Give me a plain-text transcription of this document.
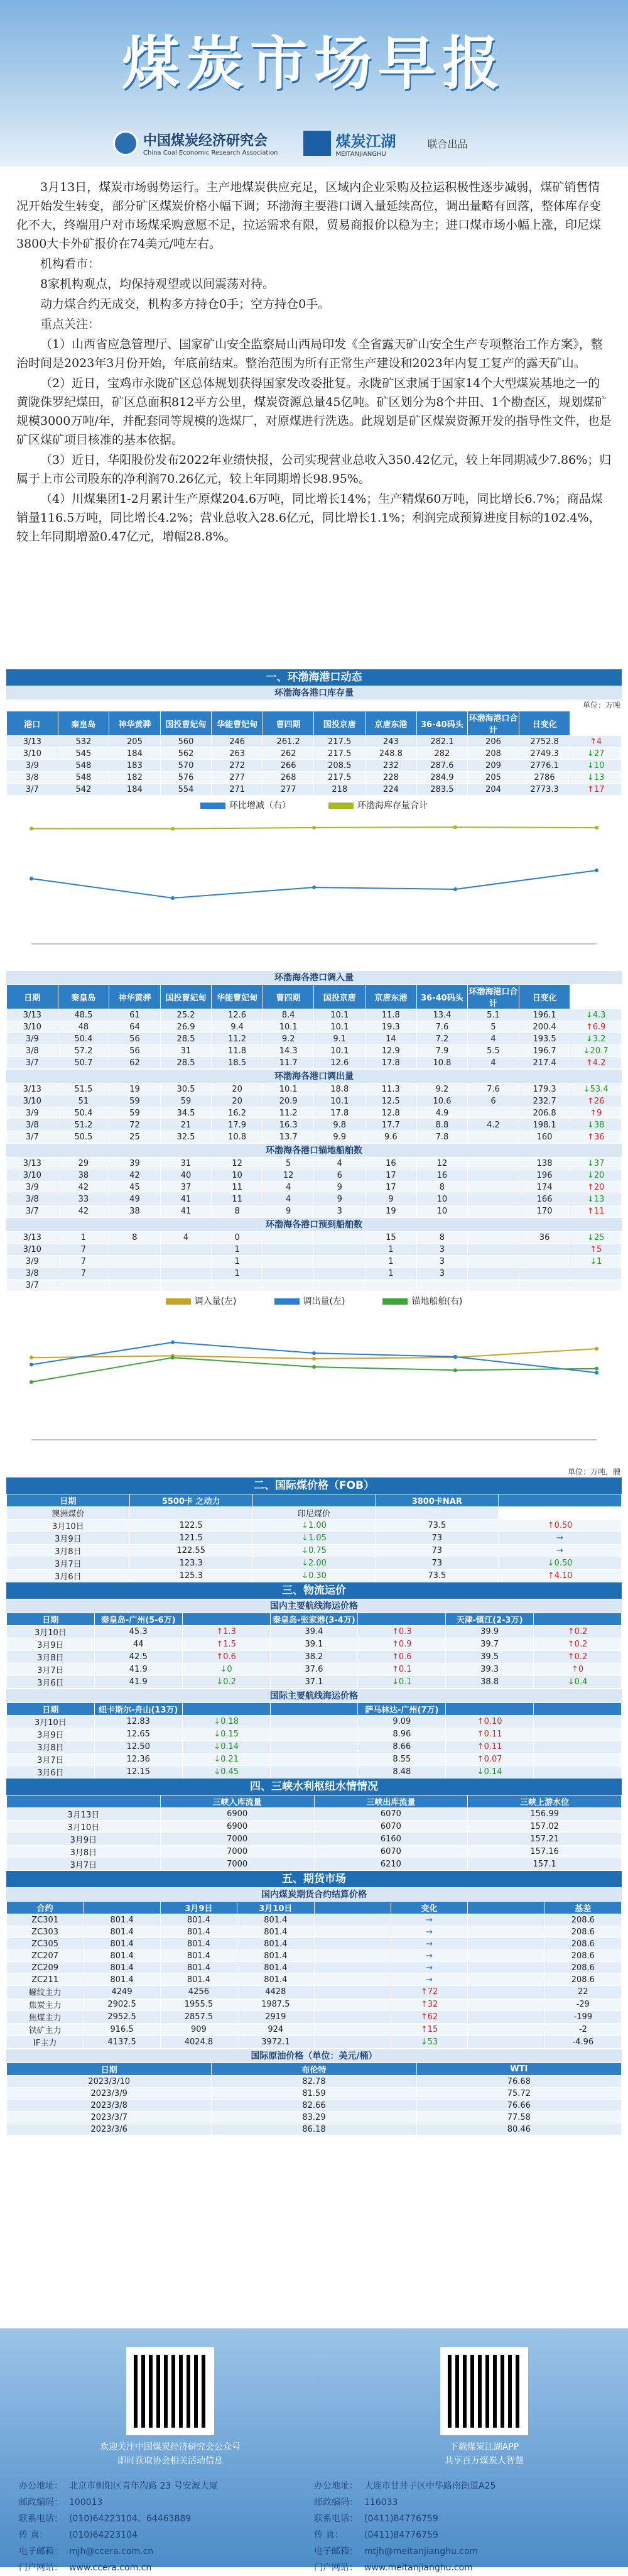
煤炭市场早报
中国煤炭经济研究会
China Coal Economic Research Association
煤炭江湖
MEITANJIANGHU
联合出品

3月13日，煤炭市场弱势运行。主产地煤炭供应充足，区域内企业采购及拉运积极性逐步减弱，煤矿销售情况开始发生转变，部分矿区煤炭价格小幅下调；环渤海主要港口调入量延续高位，调出量略有回落，整体库存变化不大，终端用户对市场煤采购意愿不足，拉运需求有限，贸易商报价以稳为主；进口煤市场小幅上涨，印尼煤3800大卡外矿报价在74美元/吨左右。

机构看市：

8家机构观点，均保持观望或以间震荡对待。

动力煤合约无成交，机构多方持仓0手；空方持仓0手。

重点关注：

（1）山西省应急管理厅、国家矿山安全监察局山西局印发《全省露天矿山安全生产专项整治工作方案》，整治时间是2023年3月份开始，年底前结束。整治范围为所有正常生产建设和2023年内复工复产的露天矿山。

（2）近日，宝鸡市永陇矿区总体规划获得国家发改委批复。永陇矿区隶属于国家14个大型煤炭基地之一的黄陇侏罗纪煤田，矿区总面积812平方公里，煤炭资源总量45亿吨。矿区划分为8个井田、1个勘查区，规划煤矿规模3000万吨/年，并配套同等规模的选煤厂，对原煤进行洗选。此规划是矿区煤炭资源开发的指导性文件，也是矿区煤矿项目核准的基本依据。

（3）近日，华阳股份发布2022年业绩快报，公司实现营业总收入350.42亿元，较上年同期减少7.86%；归属于上市公司股东的净利润70.26亿元，较上年同期增长98.95%。

（4）川煤集团1-2月累计生产原煤204.6万吨，同比增长14%；生产精煤60万吨，同比增长6.7%；商品煤销量116.5万吨，同比增长4.2%；营业总收入28.6亿元，同比增长1.1%；利润完成预算进度目标的102.4%，较上年同期增盈0.47亿元，增幅28.8%。

一、环渤海港口动态
环渤海各港口库存量
单位：万吨
港口	秦皇岛	神华黄骅	国投曹妃甸	华能曹妃甸	曹四期	国投京唐	京唐东港	36-40码头	环渤海港口合计	日变化	
3/13	532	205	560	246	261.2	217.5	243	282.1	206	2752.8	↑4
3/10	545	184	562	263	262	217.5	248.8	282	208	2749.3	↓27
3/9	548	183	570	272	266	208.5	232	287.6	209	2776.1	↓10
3/8	548	182	576	277	268	217.5	228	284.9	205	2786	↓13
3/7	542	184	554	271	277	218	224	283.5	204	2773.3	↑17
环比增减（右）	环渤海库存量合计
环渤海各港口调入量
日期	秦皇岛	神华黄骅	国投曹妃甸	华能曹妃甸	曹四期	国投京唐	京唐东港	36-40码头	环渤海港口合计	日变化	
3/13	48.5	61	25.2	12.6	8.4	10.1	11.8	13.4	5.1	196.1	↓4.3
3/10	48	64	26.9	9.4	10.1	10.1	19.3	7.6	5	200.4	↑6.9
3/9	50.4	56	28.5	11.2	9.2	9.1	14	7.2	4	193.5	↓3.2
3/8	57.2	56	31	11.8	14.3	10.1	12.9	7.9	5.5	196.7	↓20.7
3/7	50.7	62	28.5	18.5	11.7	12.6	17.8	10.8	4	217.4	↑4.2
环渤海各港口调出量
3/13	51.5	19	30.5	20	10.1	18.8	11.3	9.2	7.6	179.3	↓53.4
3/10	51	59	59	20	20.9	10.1	12.5	10.6	6	232.7	↑26
3/9	50.4	59	34.5	16.2	11.2	17.8	12.8	4.9		206.8	↑9
3/8	51.2	72	21	17.9	16.3	9.8	17.7	8.8	4.2	198.1	↓38
3/7	50.5	25	32.5	10.8	13.7	9.9	9.6	7.8		160	↑36
环渤海各港口锚地船舶数
3/13	29	39	31	12	5	4	16	12		138	↓37
3/10	38	42	40	10	12	6	17	16		196	↓20
3/9	42	45	37	11	4	9	17	8		174	↑20
3/8	33	49	41	11	4	9	9	10		166	↓13
3/7	42	38	41	8	9	3	19	10		170	↑11
环渤海各港口预到船舶数
3/13	1	8	4	0			15	8		36	↓25
3/10	7			1			1	3			↑5
3/9	7			1			1	3			↓1
3/8	7			1			1	3			
3/7											
调入量(左)	调出量(左)	锚地船舶(右)
单位：万吨，艘
二、国际煤价格（FOB）
日期	5500卡 之动力		3800卡NAR	
澳洲煤价		印尼煤价		
3月10日	122.5	↓1.00	73.5	↑0.50
3月9日	121.5	↓1.05	73	→
3月8日	122.55	↓0.75	73	→
3月7日	123.3	↓2.00	73	↓0.50
3月6日	125.3	↓0.30	73.5	↑4.10
三、物流运价
国内主要航线海运价格
日期	秦皇岛-广州(5-6万)		秦皇岛-张家港(3-4万)		天津-镇江(2-3万)	
3月10日	45.3	↑1.3	39.4	↑0.3	39.9	↑0.2
3月9日	44	↑1.5	39.1	↑0.9	39.7	↑0.2
3月8日	42.5	↑0.6	38.2	↑0.6	39.5	↑0.2
3月7日	41.9	↓0	37.6	↑0.1	39.3	↑0
3月6日	41.9	↓0.2	37.1	↓0.1	38.8	↓0.4
国际主要航线海运价格
日期	纽卡斯尔-舟山(13万)			萨马林达-广州(7万)		
3月10日	12.83	↓0.18		9.09	↑0.10	
3月9日	12.65	↓0.15		8.96	↑0.11	
3月8日	12.50	↓0.14		8.66	↑0.11	
3月7日	12.36	↓0.21		8.55	↑0.07	
3月6日	12.15	↓0.45		8.48	↓0.14	
四、三峡水利枢纽水情情况
	三峡入库流量	三峡出库流量	三峡上游水位
3月13日	6900	6070	156.99
3月10日	6900	6070	157.02
3月9日	7000	6160	157.21
3月8日	7000	6070	157.16
3月7日	7000	6210	157.1
五、期货市场
国内煤炭期货合约结算价格
合约		3月9日	3月10日		变化		基差
ZC301	801.4	801.4	801.4		→		208.6
ZC303	801.4	801.4	801.4		→		208.6
ZC305	801.4	801.4	801.4		→		208.6
ZC207	801.4	801.4	801.4		→		208.6
ZC209	801.4	801.4	801.4		→		208.6
ZC211	801.4	801.4	801.4		→		208.6
螺纹主力	4249	4256	4428		↑72		22
焦炭主力	2902.5	1955.5	1987.5		↑32		-29
焦煤主力	2952.5	2857.5	2919		↑62		-199
铁矿主力	916.5	909	924		↑15		-2
IF主力	4137.5	4024.8	3972.1		↓53		-4.96
国际原油价格（单位：美元/桶）
日期	布伦特	WTI
2023/3/10	82.78	76.68
2023/3/9	81.59	75.72
2023/3/8	82.66	76.66
2023/3/7	83.29	77.58
2023/3/6	86.18	80.46
欢迎关注中国煤炭经济研究会公众号
即时获取协会相关活动信息
下载煤炭江湖APP
共享百万煤炭人智慧
办公地址： 北京市朝阳区青年沟路 23 号安源大厦
邮政编码： 100013
联系电话： (010)64223104、64463889
传 真： (010)64223104
电子邮箱： mjh@ccera.com.cn
门户网站： www.ccera.com.cn
办公地址： 大连市甘井子区中华路南街道A25
邮政编码： 116033
联系电话： (0411)84776759
传 真： (0411)84776759
电子邮箱： mtjh@meitanjianghu.com
门户网站： www.meitanjianghu.com
